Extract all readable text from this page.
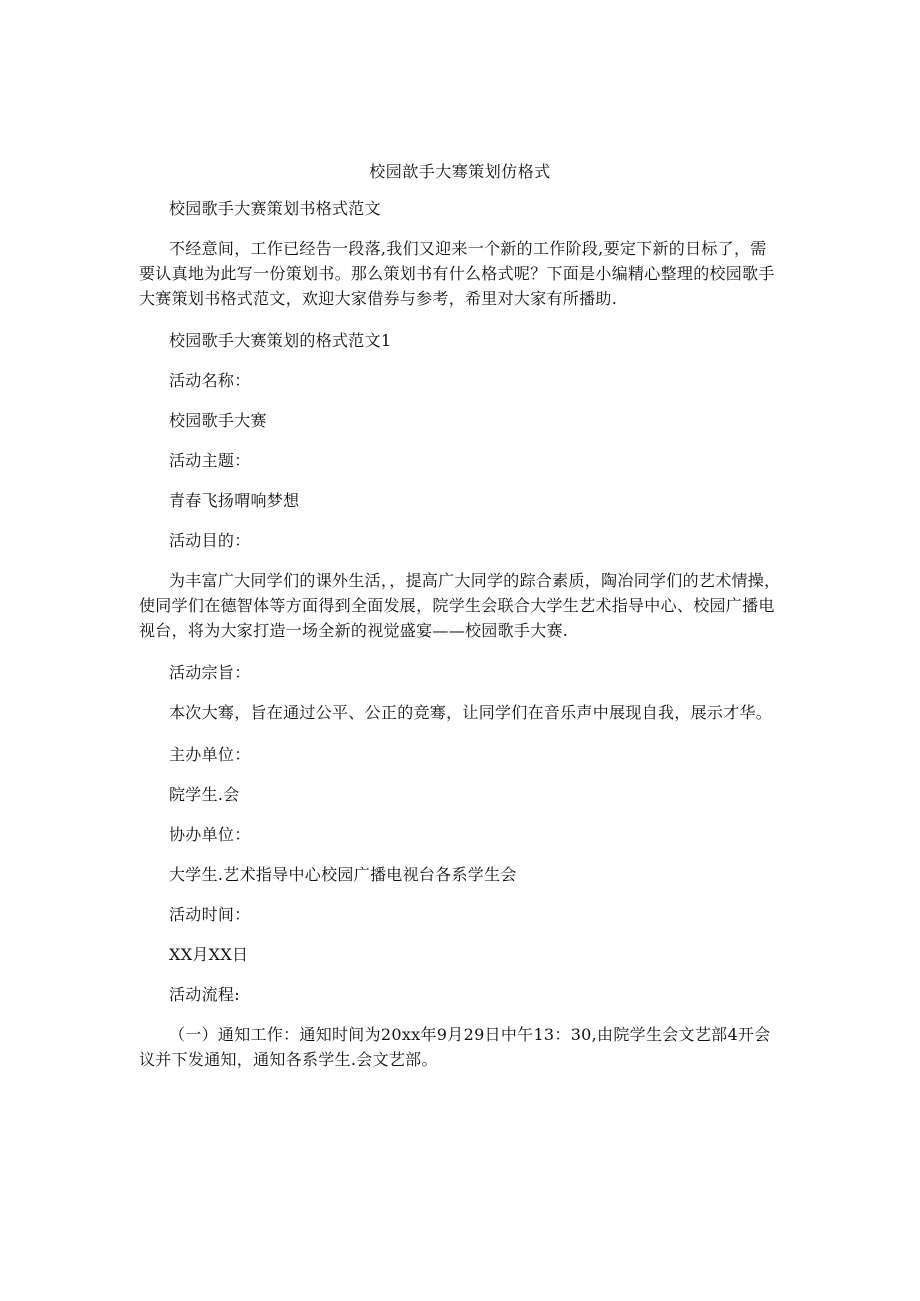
校园歆手大骞策划仿格式

校园歌手大赛策划书格式范文

不经意间，工作已经告一段落,我们又迎来一个新的工作阶段,要定下新的日标了，需要认真地为此写一份策划书。那么策划书有什么格式呢？下面是小编精心整理的校园歌手大赛策划书格式范文，欢迎大家借券与参考，希里对大家有所播助.

校园歌手大赛策划的格式范文1

活动名称：

校园歌手大赛

活动主题：

青春飞扬喟响梦想

活动目的：

为丰富广大同学们的课外生活，，提高广大同学的踪合素质，陶冶同学们的艺术情操，使同学们在德智体等方面得到全面发展，院学生会联合大学生艺术指导中心、校园广播电视台，将为大家打造一场全新的视觉盛宴——校园歌手大赛.

活动宗旨：

本次大骞，旨在通过公平、公正的竞骞，让同学们在音乐声中展现自我，展示才华。

主办单位：

院学生.会

协办单位：

大学生.艺术指导中心校园广播电视台各系学生会

活动时间：

XX月XX日

活动流程:

（一）通知工作：通知时间为20xx年9月29日中午13：30,由院学生会文艺部4开会议并下发通知，通知各系学生.会文艺部。
